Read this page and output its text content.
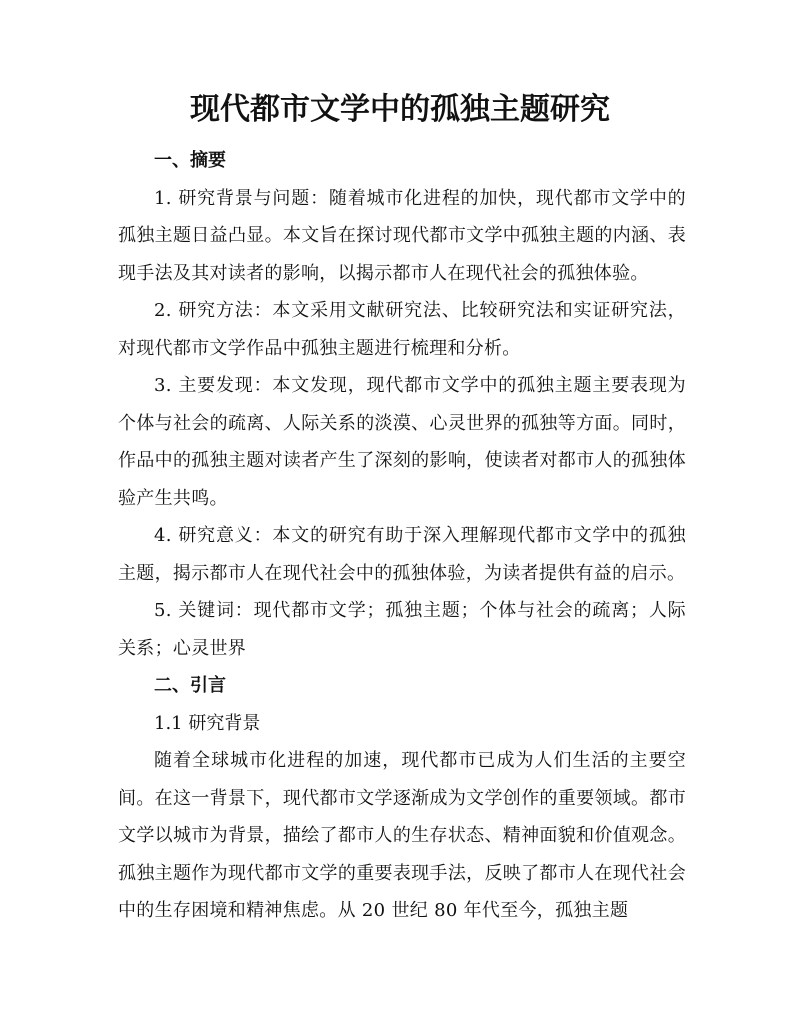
现代都市文学中的孤独主题研究

一、摘要

1. 研究背景与问题：随着城市化进程的加快，现代都市文学中的孤独主题日益凸显。本文旨在探讨现代都市文学中孤独主题的内涵、表现手法及其对读者的影响，以揭示都市人在现代社会的孤独体验。

2. 研究方法：本文采用文献研究法、比较研究法和实证研究法，对现代都市文学作品中孤独主题进行梳理和分析。

3. 主要发现：本文发现，现代都市文学中的孤独主题主要表现为个体与社会的疏离、人际关系的淡漠、心灵世界的孤独等方面。同时，作品中的孤独主题对读者产生了深刻的影响，使读者对都市人的孤独体验产生共鸣。

4. 研究意义：本文的研究有助于深入理解现代都市文学中的孤独主题，揭示都市人在现代社会中的孤独体验，为读者提供有益的启示。

5. 关键词：现代都市文学；孤独主题；个体与社会的疏离；人际关系；心灵世界

二、引言

1.1 研究背景

随着全球城市化进程的加速，现代都市已成为人们生活的主要空间。在这一背景下，现代都市文学逐渐成为文学创作的重要领域。都市文学以城市为背景，描绘了都市人的生存状态、精神面貌和价值观念。孤独主题作为现代都市文学的重要表现手法，反映了都市人在现代社会中的生存困境和精神焦虑。从 20 世纪 80 年代至今，孤独主题
